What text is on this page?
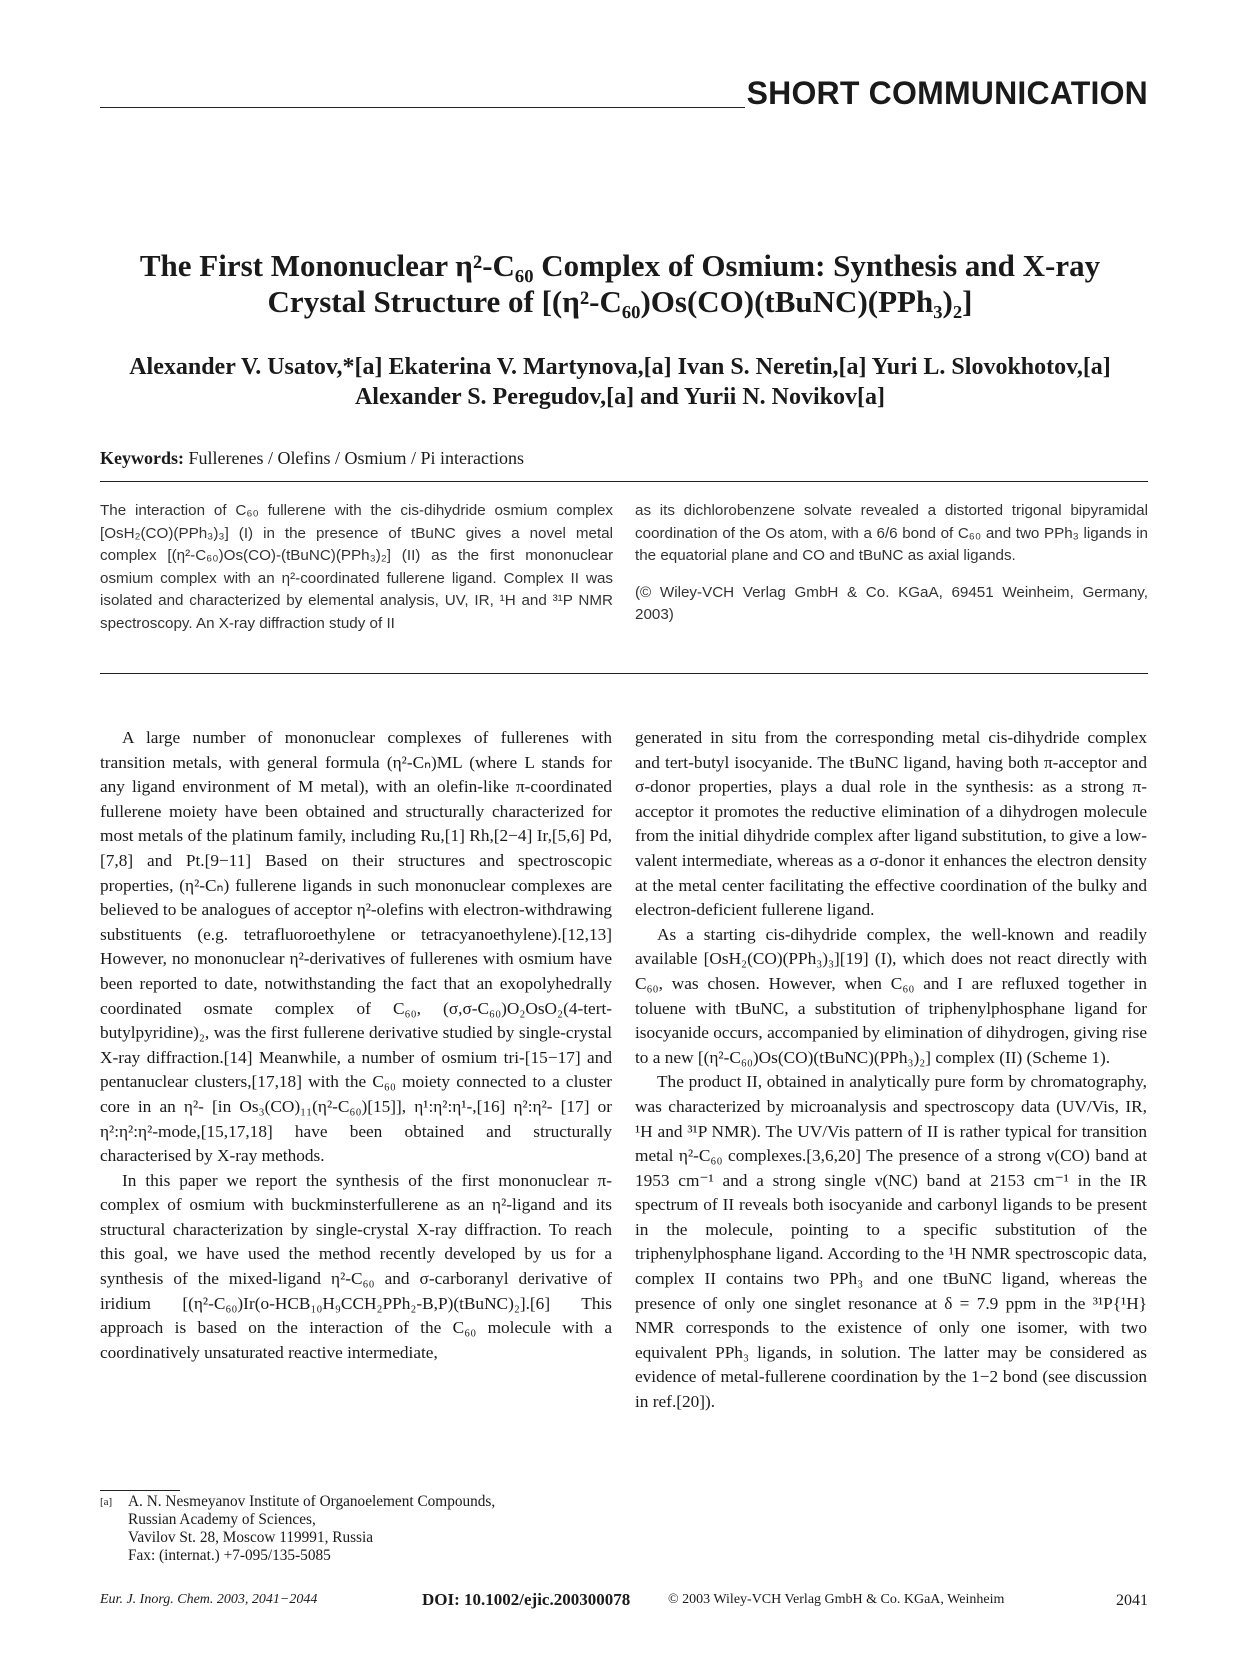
SHORT COMMUNICATION
The First Mononuclear η²-C₆₀ Complex of Osmium: Synthesis and X-ray
Crystal Structure of [(η²-C₆₀)Os(CO)(tBuNC)(PPh₃)₂]
Alexander V. Usatov,*[a] Ekaterina V. Martynova,[a] Ivan S. Neretin,[a] Yuri L. Slovokhotov,[a]
Alexander S. Peregudov,[a] and Yurii N. Novikov[a]
Keywords: Fullerenes / Olefins / Osmium / Pi interactions

The interaction of C₆₀ fullerene with the cis-dihydride osmium complex [OsH₂(CO)(PPh₃)₃] (I) in the presence of tBuNC gives a novel metal complex [(η²-C₆₀)Os(CO)-(tBuNC)(PPh₃)₂] (II) as the first mononuclear osmium complex with an η²-coordinated fullerene ligand. Complex II was isolated and characterized by elemental analysis, UV, IR, ¹H and ³¹P NMR spectroscopy. An X-ray diffraction study of II

as its dichlorobenzene solvate revealed a distorted trigonal bipyramidal coordination of the Os atom, with a 6/6 bond of C₆₀ and two PPh₃ ligands in the equatorial plane and CO and tBuNC as axial ligands.

(© Wiley-VCH Verlag GmbH & Co. KGaA, 69451 Weinheim, Germany, 2003)

A large number of mononuclear complexes of fullerenes with transition metals, with general formula (η²-Cₙ)ML (where L stands for any ligand environment of M metal), with an olefin-like π-coordinated fullerene moiety have been obtained and structurally characterized for most metals of the platinum family, including Ru,[1] Rh,[2−4] Ir,[5,6] Pd,[7,8] and Pt.[9−11] Based on their structures and spectroscopic properties, (η²-Cₙ) fullerene ligands in such mononuclear complexes are believed to be analogues of acceptor η²-olefins with electron-withdrawing substituents (e.g. tetrafluoroethylene or tetracyanoethylene).[12,13] However, no mononuclear η²-derivatives of fullerenes with osmium have been reported to date, notwithstanding the fact that an exopolyhedrally coordinated osmate complex of C₆₀, (σ,σ-C₆₀)O₂OsO₂(4-tert-butylpyridine)₂, was the first fullerene derivative studied by single-crystal X-ray diffraction.[14] Meanwhile, a number of osmium tri-[15−17] and pentanuclear clusters,[17,18] with the C₆₀ moiety connected to a cluster core in an η²- [in Os₃(CO)₁₁(η²-C₆₀)[15]], η¹:η²:η¹-,[16] η²:η²- [17] or η²:η²:η²-mode,[15,17,18] have been obtained and structurally characterised by X-ray methods.

In this paper we report the synthesis of the first mononuclear π-complex of osmium with buckminsterfullerene as an η²-ligand and its structural characterization by single-crystal X-ray diffraction. To reach this goal, we have used the method recently developed by us for a synthesis of the mixed-ligand η²-C₆₀ and σ-carboranyl derivative of iridium [(η²-C₆₀)Ir(o-HCB₁₀H₉CCH₂PPh₂-B,P)(tBuNC)₂].[6] This approach is based on the interaction of the C₆₀ molecule with a coordinatively unsaturated reactive intermediate,

generated in situ from the corresponding metal cis-dihydride complex and tert-butyl isocyanide. The tBuNC ligand, having both π-acceptor and σ-donor properties, plays a dual role in the synthesis: as a strong π-acceptor it promotes the reductive elimination of a dihydrogen molecule from the initial dihydride complex after ligand substitution, to give a low-valent intermediate, whereas as a σ-donor it enhances the electron density at the metal center facilitating the effective coordination of the bulky and electron-deficient fullerene ligand.

As a starting cis-dihydride complex, the well-known and readily available [OsH₂(CO)(PPh₃)₃][19] (I), which does not react directly with C₆₀, was chosen. However, when C₆₀ and I are refluxed together in toluene with tBuNC, a substitution of triphenylphosphane ligand for isocyanide occurs, accompanied by elimination of dihydrogen, giving rise to a new [(η²-C₆₀)Os(CO)(tBuNC)(PPh₃)₂] complex (II) (Scheme 1).

The product II, obtained in analytically pure form by chromatography, was characterized by microanalysis and spectroscopy data (UV/Vis, IR, ¹H and ³¹P NMR). The UV/Vis pattern of II is rather typical for transition metal η²-C₆₀ complexes.[3,6,20] The presence of a strong ν(CO) band at 1953 cm⁻¹ and a strong single ν(NC) band at 2153 cm⁻¹ in the IR spectrum of II reveals both isocyanide and carbonyl ligands to be present in the molecule, pointing to a specific substitution of the triphenylphosphane ligand. According to the ¹H NMR spectroscopic data, complex II contains two PPh₃ and one tBuNC ligand, whereas the presence of only one singlet resonance at δ = 7.9 ppm in the ³¹P{¹H} NMR corresponds to the existence of only one isomer, with two equivalent PPh₃ ligands, in solution. The latter may be considered as evidence of metal-fullerene coordination by the 1−2 bond (see discussion in ref.[20]).

[a] A. N. Nesmeyanov Institute of Organoelement Compounds,
Russian Academy of Sciences,
Vavilov St. 28, Moscow 119991, Russia
Fax: (internat.) +7-095/135-5085
Eur. J. Inorg. Chem. 2003, 2041−2044	DOI: 10.1002/ejic.200300078	© 2003 Wiley-VCH Verlag GmbH & Co. KGaA, Weinheim	2041
